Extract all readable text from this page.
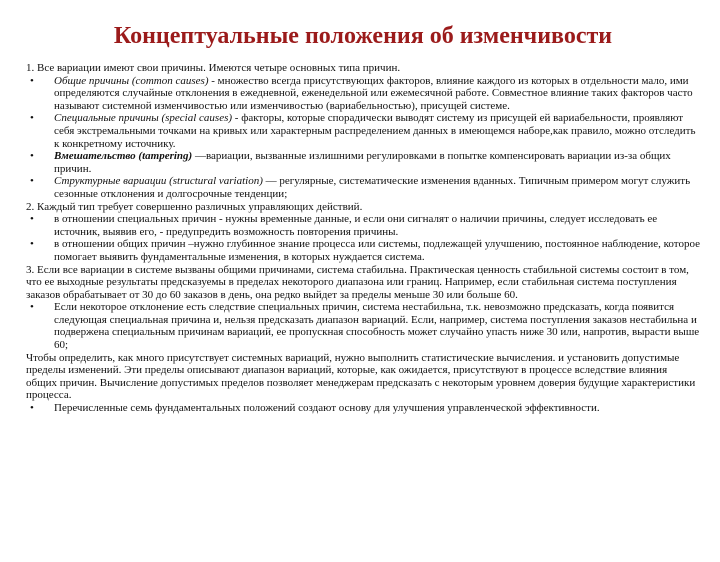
Концептуальные положения об изменчивости

1. Все вариации имеют свои причины. Имеются четыре основных типа причин.

• Общие причины (common causes) - множество всегда присутствующих факторов, влияние каждого из которых в отдельности мало, ими определяются случайные отклонения в ежедневной, еженедельной или ежемесячной работе. Совместное влияние таких факторов часто называют системной изменчивостью или изменчивостью (вариабельностью), присущей системе.

• Специальные причины (special causes) - факторы, которые спорадически выводят систему из присущей ей вариабельности, проявляют себя экстремальными точками на кривых или характерным распределением данных в имеющемся наборе,как правило, можно отследить к конкретному источнику.

• Вмешательство (tampering) —вариации, вызванные излишними регулировками в попытке компенсировать вариации из-за общих причин.

• Структурные вариации (structural variation) — регулярные, систематические изменения вданных. Типичным примером могут служить сезонные отклонения и долгосрочные тенденции;

2. Каждый тип требует совершенно различных управляющих действий.

• в отношении специальных причин - нужны временные данные, и если они сигналят о наличии причины, следует исследовать ее источник, выявив его, - предупредить возможность повторения причины.

• в отношении общих причин –нужно глубинное знание процесса или системы, подлежащей улучшению, постоянное наблюдение, которое помогает выявить фундаментальные изменения, в которых нуждается система.

3. Если все вариации в системе вызваны общими причинами, система стабильна. Практическая ценность стабильной системы состоит в том, что ее выходные результаты предсказуемы в пределах некоторого диапазона или границ. Например, если стабильная система поступления заказов обрабатывает от 30 до 60 заказов в день, она редко выйдет за пределы меньше 30 или больше 60.

• Если некоторое отклонение есть следствие специальных причин, система нестабильна, т.к. невозможно предсказать, когда появится следующая специальная причина и, нельзя предсказать диапазон вариаций. Если, например, система поступления заказов нестабильна и подвержена специальным причинам вариаций, ее пропускная способность может случайно упасть ниже 30 или, напротив, вырасти выше 60;

Чтобы определить, как много присутствует системных вариаций, нужно выполнить статистические вычисления. и установить допустимые пределы изменений. Эти пределы описывают диапазон вариаций, которые, как ожидается, присутствуют в процессе вследствие влияния общих причин. Вычисление допустимых пределов позволяет менеджерам предсказать с некоторым уровнем доверия будущие характеристики процесса.

• Перечисленные семь фундаментальных положений создают основу для улучшения управленческой эффективности.
